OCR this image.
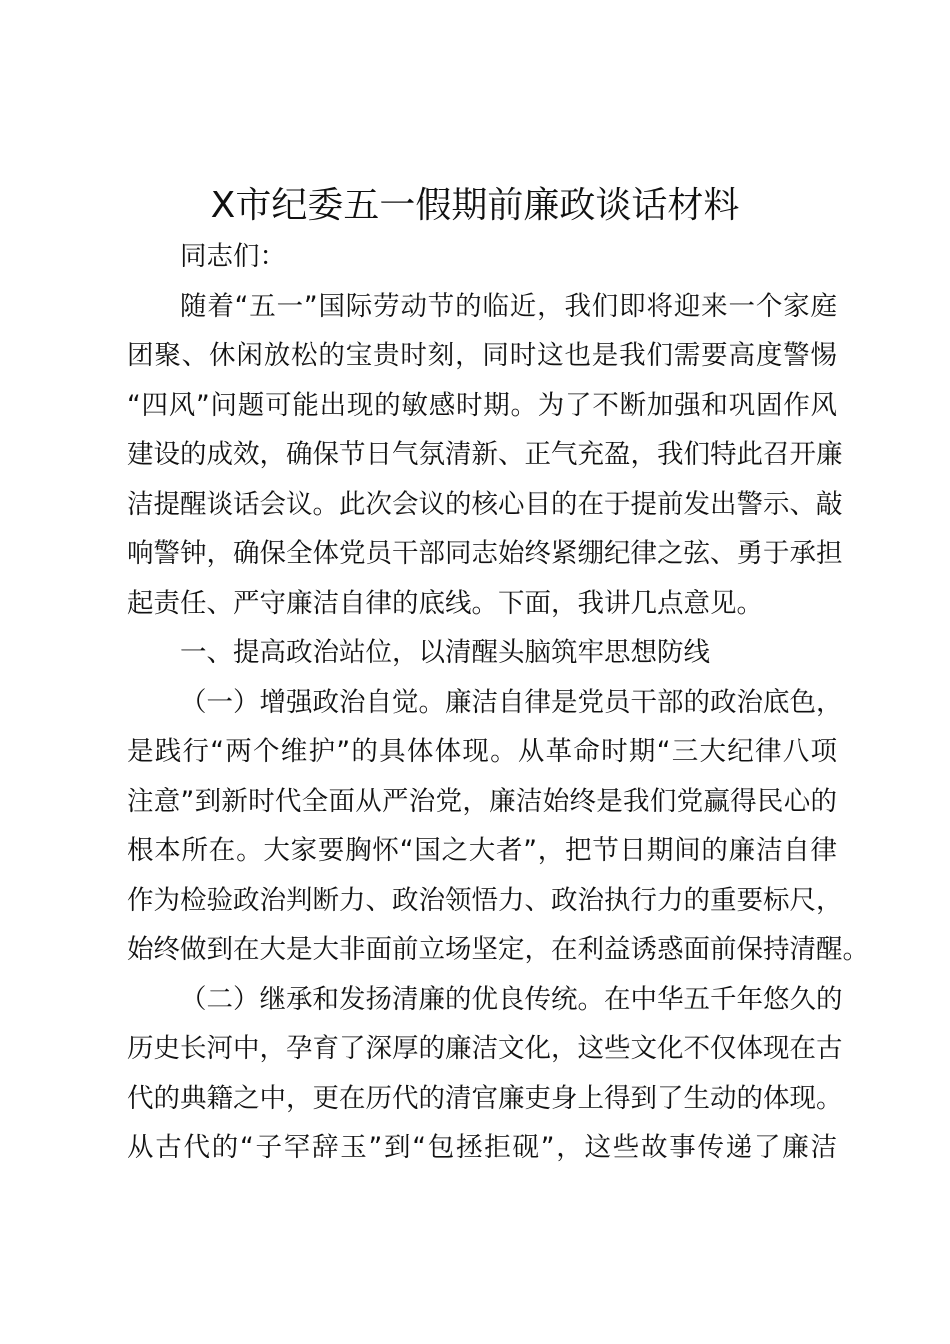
X市纪委五一假期前廉政谈话材料
同志们：
随着“五一”国际劳动节的临近，我们即将迎来一个家庭
团聚、休闲放松的宝贵时刻，同时这也是我们需要高度警惕
“四风”问题可能出现的敏感时期。为了不断加强和巩固作风
建设的成效，确保节日气氛清新、正气充盈，我们特此召开廉
洁提醒谈话会议。此次会议的核心目的在于提前发出警示、敲
响警钟，确保全体党员干部同志始终紧绷纪律之弦、勇于承担
起责任、严守廉洁自律的底线。下面，我讲几点意见。
一、提高政治站位，以清醒头脑筑牢思想防线
（一）增强政治自觉。廉洁自律是党员干部的政治底色，
是践行“两个维护”的具体体现。从革命时期“三大纪律八项
注意”到新时代全面从严治党，廉洁始终是我们党赢得民心的
根本所在。大家要胸怀“国之大者”，把节日期间的廉洁自律
作为检验政治判断力、政治领悟力、政治执行力的重要标尺，
始终做到在大是大非面前立场坚定，在利益诱惑面前保持清醒。
（二）继承和发扬清廉的优良传统。在中华五千年悠久的
历史长河中，孕育了深厚的廉洁文化，这些文化不仅体现在古
代的典籍之中，更在历代的清官廉吏身上得到了生动的体现。
从古代的“子罕辞玉”到“包拯拒砚”，这些故事传递了廉洁
